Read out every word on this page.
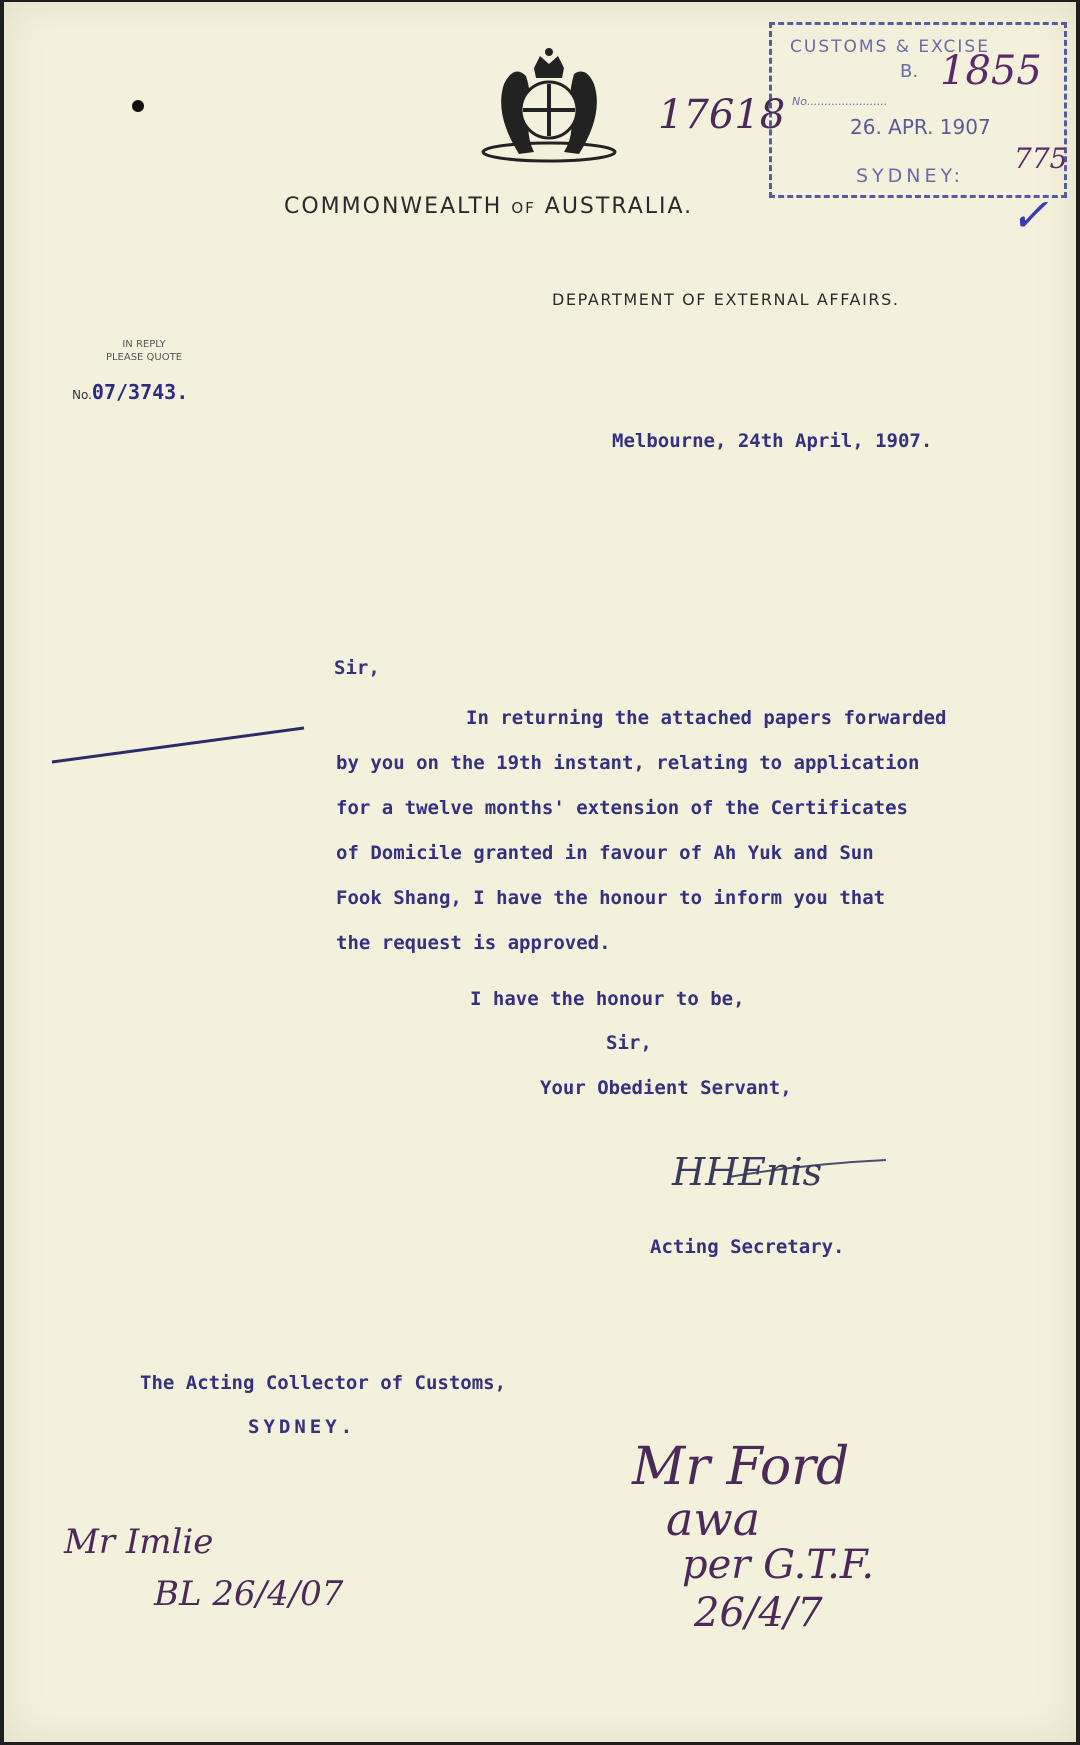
COMMONWEALTH OF AUSTRALIA.
DEPARTMENT OF EXTERNAL AFFAIRS.
IN REPLY
PLEASE QUOTE
No.07/3743.
CUSTOMS & EXCISE
B.
No.......................
26. APR. 1907
SYDNEY:
1855
775
17618
✓
Melbourne, 24th April, 1907.
Sir,
In returning the attached papers forwarded
by you on the 19th instant, relating to application
for a twelve months' extension of the Certificates
of Domicile granted in favour of Ah Yuk and Sun
Fook Shang, I have the honour to inform you that
the request is approved.
I have the honour to be,
Sir,
Your Obedient Servant,
HHEnis
Acting Secretary.
The Acting Collector of Customs,
SYDNEY.
Mr Ford
awa
per G.T.F.
26/4/7
Mr Imlie
BL 26/4/07
